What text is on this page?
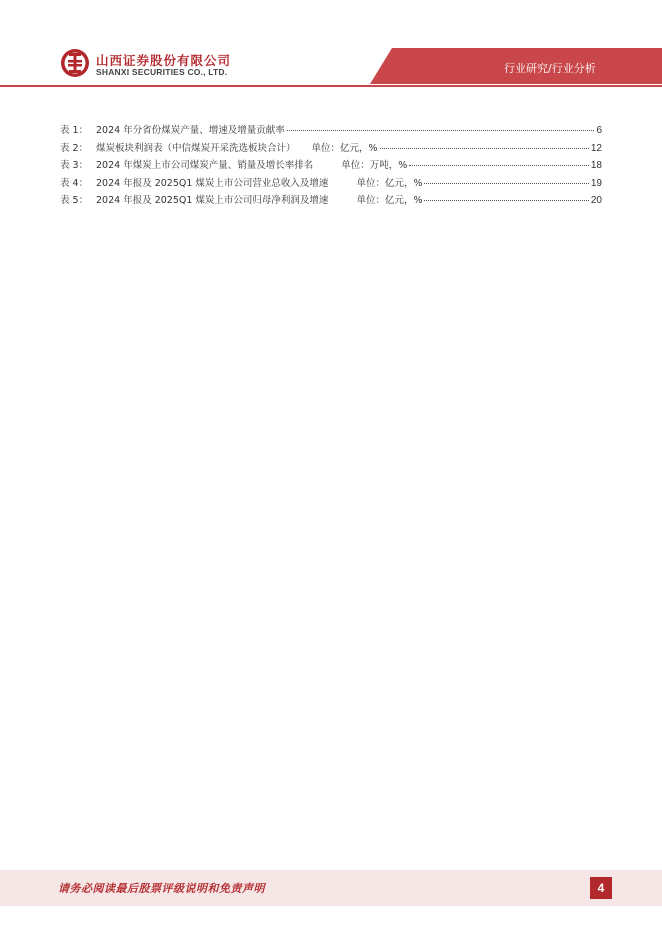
山西证券股份有限公司
SHANXI SECURITIES CO., LTD.	行业研究/行业分析
表 1： 2024 年分省份煤炭产量、增速及增量贡献率	6
表 2： 煤炭板块利润表（中信煤炭开采洗选板块合计） 单位：亿元，%	12
表 3： 2024 年煤炭上市公司煤炭产量、销量及增长率排名	单位：万吨，%	18
表 4： 2024 年报及 2025Q1 煤炭上市公司营业总收入及增速	单位：亿元，%	19
表 5： 2024 年报及 2025Q1 煤炭上市公司归母净利润及增速	单位：亿元，%	20
请务必阅读最后股票评级说明和免责声明	4
